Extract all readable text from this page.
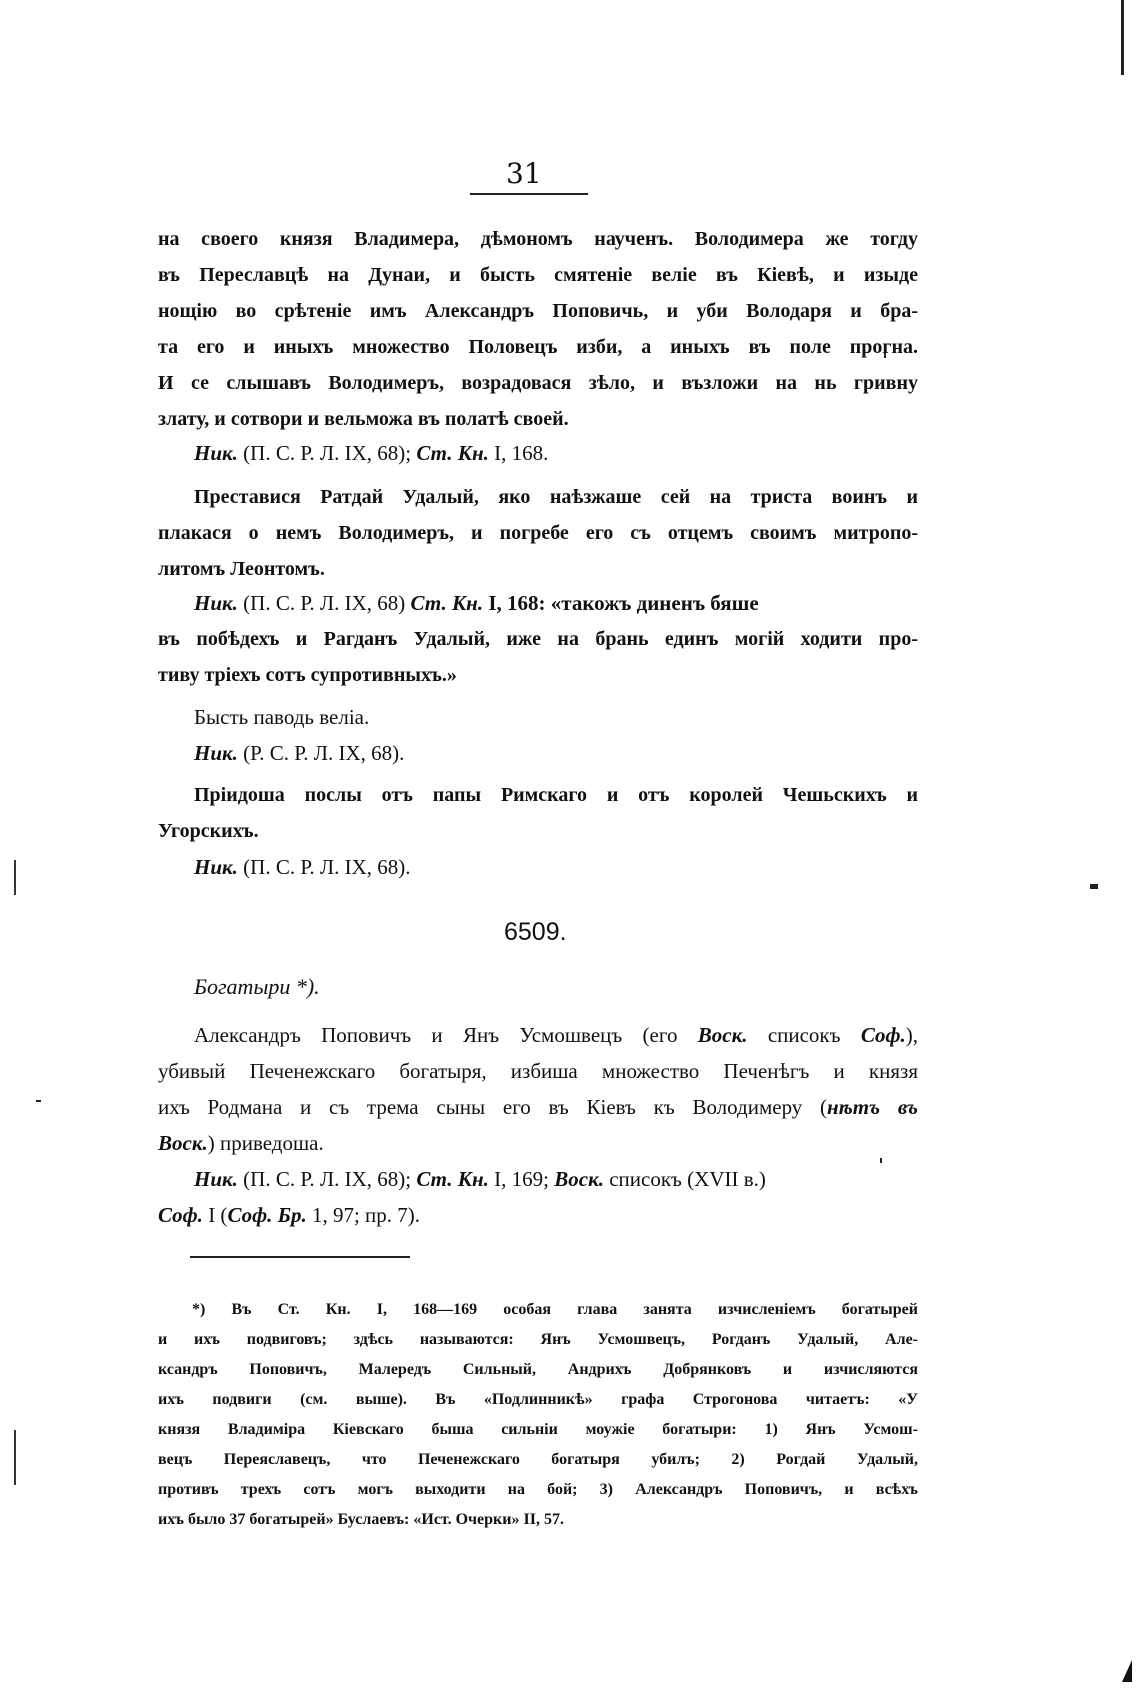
31
на своего князя Владимера, дѣмономъ наученъ. Володимера же тогду
въ Переславцѣ на Дунаи, и бысть смятеніе веліе въ Кіевѣ, и изыде
нощію во срѣтеніе имъ Александръ Поповичь, и уби Володаря и бра-
та его и иныхъ множество Половецъ изби, а иныхъ въ поле прогна.
И се слышавъ Володимеръ, возрадовася зѣло, и възложи на нь гривну
злату, и сотвори и вельможа въ полатѣ своей.
Ник. (П. С. Р. Л. IX, 68); Ст. Кн. I, 168.
Преставися Ратдай Удалый, яко наѣзжаше сей на триста воинъ и
плакася о немъ Володимеръ, и погребе его съ отцемъ своимъ митропо-
литомъ Леонтомъ.
Ник. (П. С. Р. Л. IX, 68) Ст. Кн. I, 168: «такожъ диненъ бяше
въ побѣдехъ и Рагданъ Удалый, иже на брань единъ могій ходити про-
тиву тріехъ сотъ супротивныхъ.»
Бысть паводь веліа.
Ник. (Р. С. Р. Л. IX, 68).
Пріидоша послы отъ папы Римскаго и отъ королей Чешьскихъ и
Угорскихъ.
Ник. (П. С. Р. Л. IX, 68).
6509.
Богатыри *).
Александръ Поповичъ и Янъ Усмошвецъ (его Воск. списокъ Соф.),
убивый Печенежскаго богатыря, избиша множество Печенѣгъ и князя
ихъ Родмана и съ трема сыны его въ Кіевъ къ Володимеру (нѣтъ въ
Воск.) приведоша.
Ник. (П. С. Р. Л. IX, 68); Ст. Кн. I, 169; Воск. списокъ (XVII в.)
Соф. I (Соф. Бр. 1, 97; пр. 7).
*) Въ Ст. Кн. I, 168—169 особая глава занята изчисленіемъ богатырей
и ихъ подвиговъ; здѣсь называются: Янъ Усмошвецъ, Рогданъ Удалый, Але-
ксандръ Поповичъ, Малередъ Сильный, Андрихъ Добрянковъ и изчисляются
ихъ подвиги (см. выше). Въ «Подлинникѣ» графа Строгонова читаетъ: «У
князя Владиміра Кіевскаго быша сильніи моужіе богатыри: 1) Янъ Усмош-
вецъ Переяславецъ, что Печенежскаго богатыря убилъ; 2) Рогдай Удалый,
противъ трехъ сотъ могъ выходити на бой; 3) Александръ Поповичъ, и всѣхъ
ихъ было 37 богатырей» Буслаевъ: «Ист. Очерки» II, 57.
